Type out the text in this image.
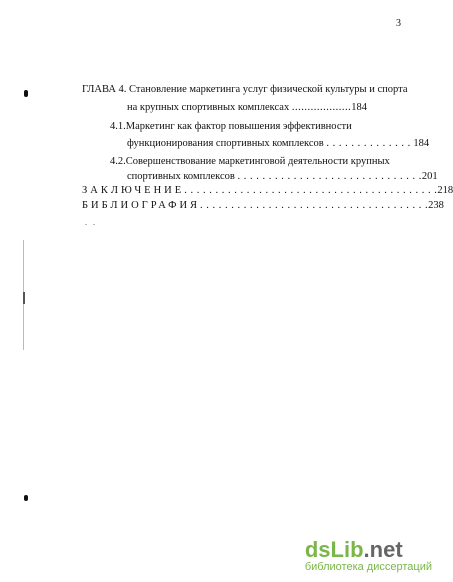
3
ГЛАВА 4. Становление маркетинга услуг физической культуры и спорта
на крупных спортивных комплексах ...................184
4.1.Маркетинг как фактор повышения эффективности
функционирования спортивных комплексов . . . . . . . . . . . . . . 184
4.2.Совершенствование маркетинговой деятельности крупных
спортивных комплексов . . . . . . . . . . . . . . . . . . . . . . . . . . . . . .201
ЗАКЛЮЧЕНИЕ. . . . . . . . . . . . . . . . . . . . . . . . . . . . . . . . . . . . . . . . .218
БИБЛИОГРАФИЯ. . . . . . . . . . . . . . . . . . . . . . . . . . . . . . . . . . . . .238
. .
dsLib.net
библиотека диссертаций
